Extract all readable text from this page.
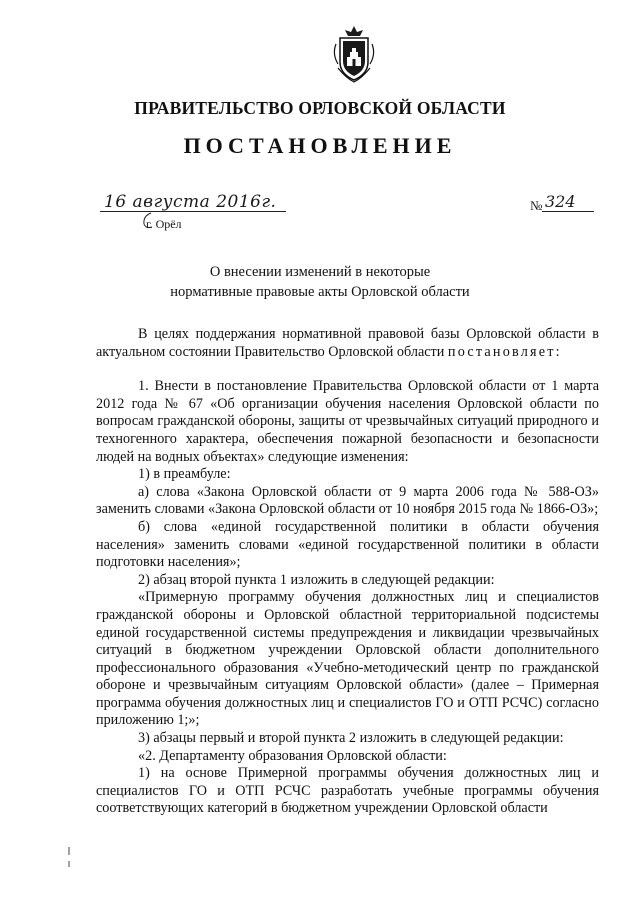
ПРАВИТЕЛЬСТВО ОРЛОВСКОЙ ОБЛАСТИ
ПОСТАНОВЛЕНИЕ
16 августа 2016г.
г. Орёл
№ 324
О внесении изменений в некоторые
нормативные правовые акты Орловской области

В целях поддержания нормативной правовой базы Орловской области в актуальном состоянии Правительство Орловской области постановляет:

1. Внести в постановление Правительства Орловской области от 1 марта 2012 года № 67 «Об организации обучения населения Орловской области по вопросам гражданской обороны, защиты от чрезвычайных ситуаций природного и техногенного характера, обеспечения пожарной безопасности и безопасности людей на водных объектах» следующие изменения:

1) в преамбуле:

а) слова «Закона Орловской области от 9 марта 2006 года № 588-ОЗ» заменить словами «Закона Орловской области от 10 ноября 2015 года № 1866-ОЗ»;

б) слова «единой государственной политики в области обучения населения» заменить словами «единой государственной политики в области подготовки населения»;

2) абзац второй пункта 1 изложить в следующей редакции:

«Примерную программу обучения должностных лиц и специалистов гражданской обороны и Орловской областной территориальной подсистемы единой государственной системы предупреждения и ликвидации чрезвычайных ситуаций в бюджетном учреждении Орловской области дополнительного профессионального образования «Учебно-методический центр по гражданской обороне и чрезвычайным ситуациям Орловской области» (далее – Примерная программа обучения должностных лиц и специалистов ГО и ОТП РСЧС) согласно приложению 1;»;

3) абзацы первый и второй пункта 2 изложить в следующей редакции:

«2. Департаменту образования Орловской области:

1) на основе Примерной программы обучения должностных лиц и специалистов ГО и ОТП РСЧС разработать учебные программы обучения соответствующих категорий в бюджетном учреждении Орловской области
